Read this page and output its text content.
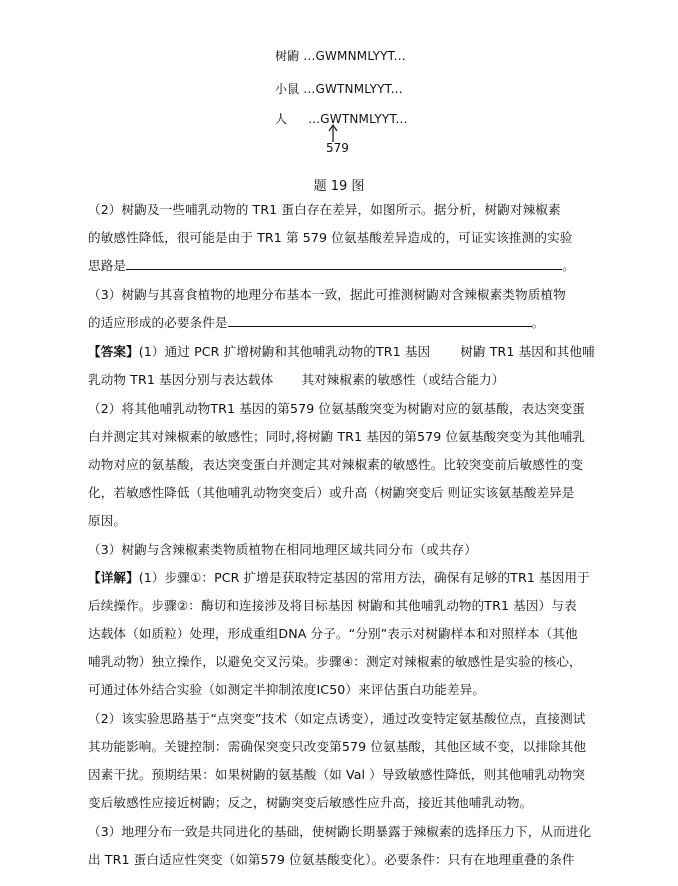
树鼩 ...GWMNMLYYT...
小鼠 ...GWTNMLYYT...
人 ...GWTNMLYYT...
579
题 19 图
（2）树鼩及一些哺乳动物的 TR1 蛋白存在差异，如图所示。据分析，树鼩对辣椒素
的敏感性降低，很可能是由于 TR1 第 579 位氨基酸差异造成的，可证实该推测的实验
思路是	。
（3）树鼩与其喜食植物的地理分布基本一致，据此可推测树鼩对含辣椒素类物质植物
的适应形成的必要条件是	。
【答案】(1）通过 PCR 扩增树鼩和其他哺乳动物的TR1 基因 树鼩 TR1 基因和其他哺
乳动物 TR1 基因分别与表达载体 其对辣椒素的敏感性（或结合能力）
（2）将其他哺乳动物TR1 基因的第579 位氨基酸突变为树鼩对应的氨基酸，表达突变蛋
白并测定其对辣椒素的敏感性；同时,将树鼩 TR1 基因的第579 位氨基酸突变为其他哺乳
动物对应的氨基酸，表达突变蛋白并测定其对辣椒素的敏感性。比较突变前后敏感性的变
化，若敏感性降低（其他哺乳动物突变后）或升高（树鼩突变后 则证实该氨基酸差异是
原因。
（3）树鼩与含辣椒素类物质植物在相同地理区域共同分布（或共存）
【详解】(1）步骤①：PCR 扩增是获取特定基因的常用方法，确保有足够的TR1 基因用于
后续操作。步骤②：酶切和连接涉及将目标基因 树鼩和其他哺乳动物的TR1 基因）与表
达载体（如质粒）处理，形成重组DNA 分子。“分别”表示对树鼩样本和对照样本（其他
哺乳动物）独立操作，以避免交叉污染。步骤④：测定对辣椒素的敏感性是实验的核心，
可通过体外结合实验（如测定半抑制浓度IC50）来评估蛋白功能差异。
（2）该实验思路基于“点突变”技术（如定点诱变），通过改变特定氨基酸位点，直接测试
其功能影响。关键控制：需确保突变只改变第579 位氨基酸，其他区域不变，以排除其他
因素干扰。预期结果：如果树鼩的氨基酸（如 Val ）导致敏感性降低，则其他哺乳动物突
变后敏感性应接近树鼩；反之，树鼩突变后敏感性应升高，接近其他哺乳动物。
（3）地理分布一致是共同进化的基础，使树鼩长期暴露于辣椒素的选择压力下，从而进化
出 TR1 蛋白适应性突变（如第579 位氨基酸变化）。必要条件：只有在地理重叠的条件
